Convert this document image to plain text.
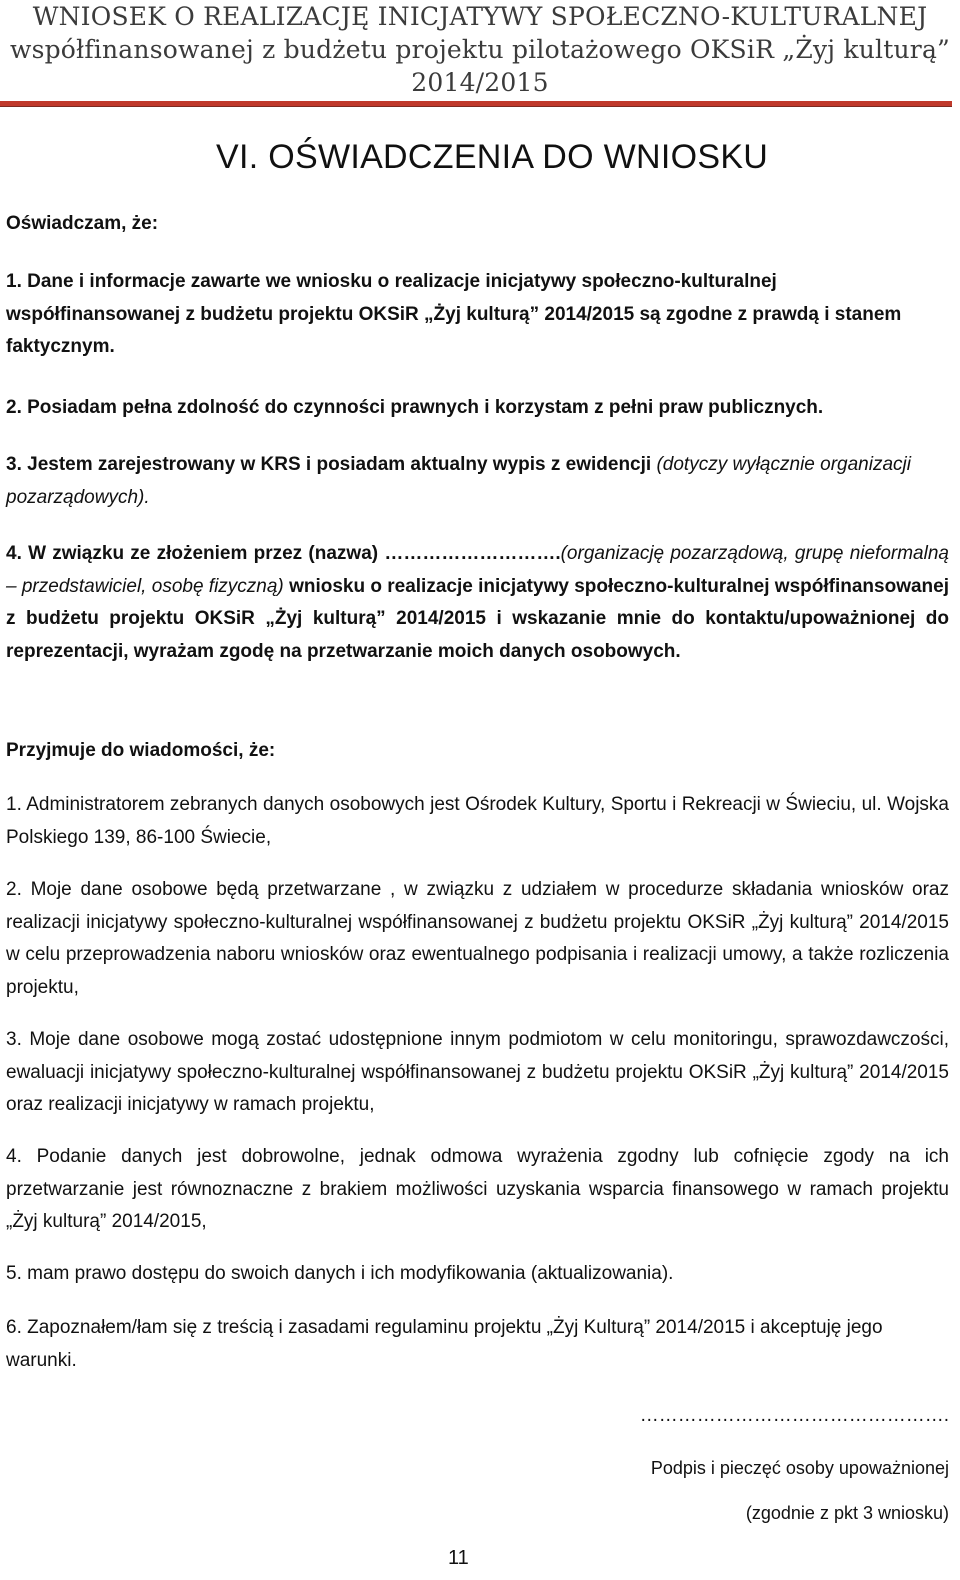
WNIOSEK O REALIZACJĘ INICJATYWY SPOŁECZNO-KULTURALNEJ
współfinansowanej z budżetu projektu pilotażowego OKSiR „Żyj kulturą”
2014/2015
VI. OŚWIADCZENIA DO WNIOSKU
Oświadczam, że:
1. Dane i informacje zawarte we wniosku o realizacje inicjatywy społeczno-kulturalnej współfinansowanej z budżetu projektu OKSiR „Żyj kulturą” 2014/2015 są zgodne z prawdą i stanem faktycznym.
2. Posiadam pełna zdolność do czynności prawnych i korzystam z pełni praw publicznych.
3. Jestem zarejestrowany w KRS i posiadam aktualny wypis z ewidencji (dotyczy wyłącznie organizacji pozarządowych).
4. W związku ze złożeniem przez (nazwa) ……………………….(organizację pozarządową, grupę nieformalną – przedstawiciel, osobę fizyczną) wniosku o realizacje inicjatywy społeczno-kulturalnej współfinansowanej z budżetu projektu OKSiR „Żyj kulturą” 2014/2015 i wskazanie mnie do kontaktu/upoważnionej do reprezentacji, wyrażam zgodę na przetwarzanie moich danych osobowych.
Przyjmuje do wiadomości, że:
1. Administratorem zebranych danych osobowych jest Ośrodek Kultury, Sportu i Rekreacji w Świeciu, ul. Wojska Polskiego 139, 86-100 Świecie,
2. Moje dane osobowe będą przetwarzane , w związku z udziałem w procedurze składania wniosków oraz realizacji inicjatywy społeczno-kulturalnej współfinansowanej z budżetu projektu OKSiR „Żyj kulturą” 2014/2015 w celu przeprowadzenia naboru wniosków oraz ewentualnego podpisania i realizacji umowy, a także rozliczenia projektu,
3. Moje dane osobowe mogą zostać udostępnione innym podmiotom w celu monitoringu, sprawozdawczości, ewaluacji inicjatywy społeczno-kulturalnej współfinansowanej z budżetu projektu OKSiR „Żyj kulturą” 2014/2015 oraz realizacji inicjatywy w ramach projektu,
4. Podanie danych jest dobrowolne, jednak odmowa wyrażenia zgodny lub cofnięcie zgody na ich przetwarzanie jest równoznaczne z brakiem możliwości uzyskania wsparcia finansowego w ramach projektu „Żyj kulturą” 2014/2015,
5. mam prawo dostępu do swoich danych i ich modyfikowania (aktualizowania).
6. Zapoznałem/łam się z treścią i zasadami regulaminu projektu „Żyj Kulturą” 2014/2015 i akceptuję jego warunki.
………………………………………….
Podpis i pieczęć osoby upoważnionej
(zgodnie z pkt 3 wniosku)
11
